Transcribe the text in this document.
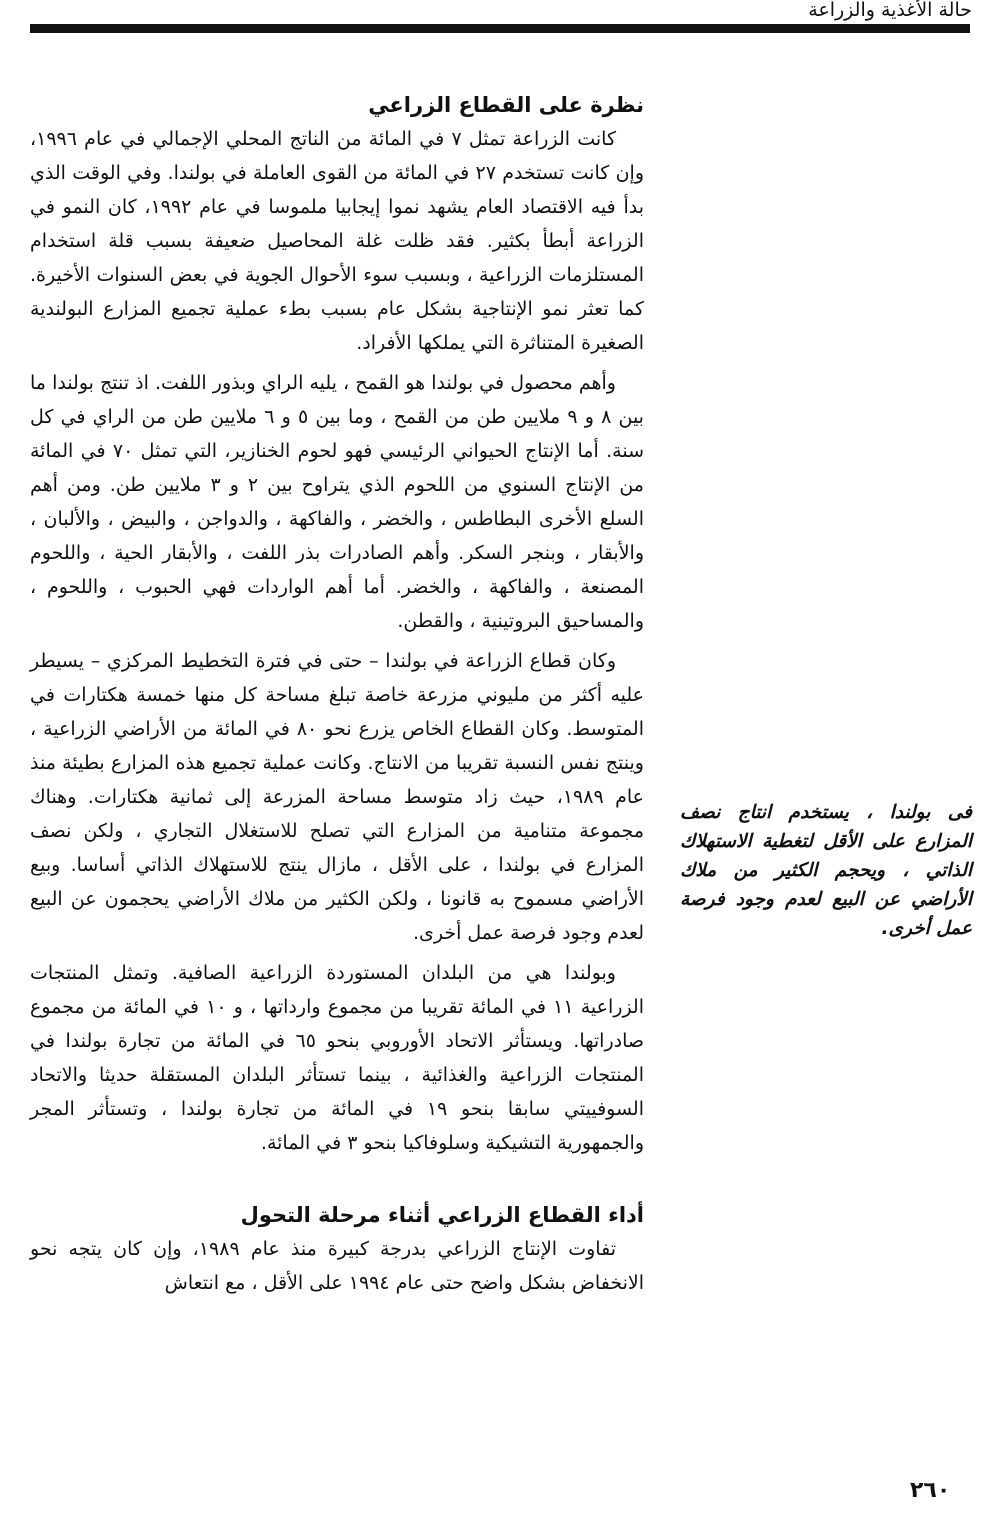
حالة الأغذية والزراعة
نظرة على القطاع الزراعي

كانت الزراعة تمثل ٧ في المائة من الناتج المحلي الإجمالي في عام ١٩٩٦، وإن كانت تستخدم ٢٧ في المائة من القوى العاملة في بولندا. وفي الوقت الذي بدأ فيه الاقتصاد العام يشهد نموا إيجابيا ملموسا في عام ١٩٩٢، كان النمو في الزراعة أبطأ بكثير. فقد ظلت غلة المحاصيل ضعيفة بسبب قلة استخدام المستلزمات الزراعية ، وبسبب سوء الأحوال الجوية في بعض السنوات الأخيرة. كما تعثر نمو الإنتاجية بشكل عام بسبب بطء عملية تجميع المزارع البولندية الصغيرة المتناثرة التي يملكها الأفراد.

وأهم محصول في بولندا هو القمح ، يليه الراي وبذور اللفت. اذ تنتج بولندا ما بين ٨ و ٩ ملايين طن من القمح ، وما بين ٥ و ٦ ملايين طن من الراي في كل سنة. أما الإنتاج الحيواني الرئيسي فهو لحوم الخنازير، التي تمثل ٧٠ في المائة من الإنتاج السنوي من اللحوم الذي يتراوح بين ٢ و ٣ ملايين طن. ومن أهم السلع الأخرى البطاطس ، والخضر ، والفاكهة ، والدواجن ، والبيض ، والألبان ، والأبقار ، وبنجر السكر. وأهم الصادرات بذر اللفت ، والأبقار الحية ، واللحوم المصنعة ، والفاكهة ، والخضر. أما أهم الواردات فهي الحبوب ، واللحوم ، والمساحيق البروتينية ، والقطن.

وكان قطاع الزراعة في بولندا – حتى في فترة التخطيط المركزي – يسيطر عليه أكثر من مليوني مزرعة خاصة تبلغ مساحة كل منها خمسة هكتارات في المتوسط. وكان القطاع الخاص يزرع نحو ٨٠ في المائة من الأراضي الزراعية ، وينتج نفس النسبة تقريبا من الانتاج. وكانت عملية تجميع هذه المزارع بطيئة منذ عام ١٩٨٩، حيث زاد متوسط مساحة المزرعة إلى ثمانية هكتارات. وهناك مجموعة متنامية من المزارع التي تصلح للاستغلال التجاري ، ولكن نصف المزارع في بولندا ، على الأقل ، مازال ينتج للاستهلاك الذاتي أساسا. وبيع الأراضي مسموح به قانونا ، ولكن الكثير من ملاك الأراضي يحجمون عن البيع لعدم وجود فرصة عمل أخرى.

وبولندا هي من البلدان المستوردة الزراعية الصافية. وتمثل المنتجات الزراعية ١١ في المائة تقريبا من مجموع وارداتها ، و ١٠ في المائة من مجموع صادراتها. ويستأثر الاتحاد الأوروبي بنحو ٦٥ في المائة من تجارة بولندا في المنتجات الزراعية والغذائية ، بينما تستأثر البلدان المستقلة حديثا والاتحاد السوفييتي سابقا بنحو ١٩ في المائة من تجارة بولندا ، وتستأثر المجر والجمهورية التشيكية وسلوفاكيا بنحو ٣ في المائة.

أداء القطاع الزراعي أثناء مرحلة التحول

تفاوت الإنتاج الزراعي بدرجة كبيرة منذ عام ١٩٨٩، وإن كان يتجه نحو الانخفاض بشكل واضح حتى عام ١٩٩٤ على الأقل ، مع انتعاش

فى بولندا ، يستخدم انتاج نصف المزارع على الأقل لتغطية الاستهلاك الذاتي ، ويحجم الكثير من ملاك الأراضي عن البيع لعدم وجود فرصة عمل أخرى.
٢٦٠
